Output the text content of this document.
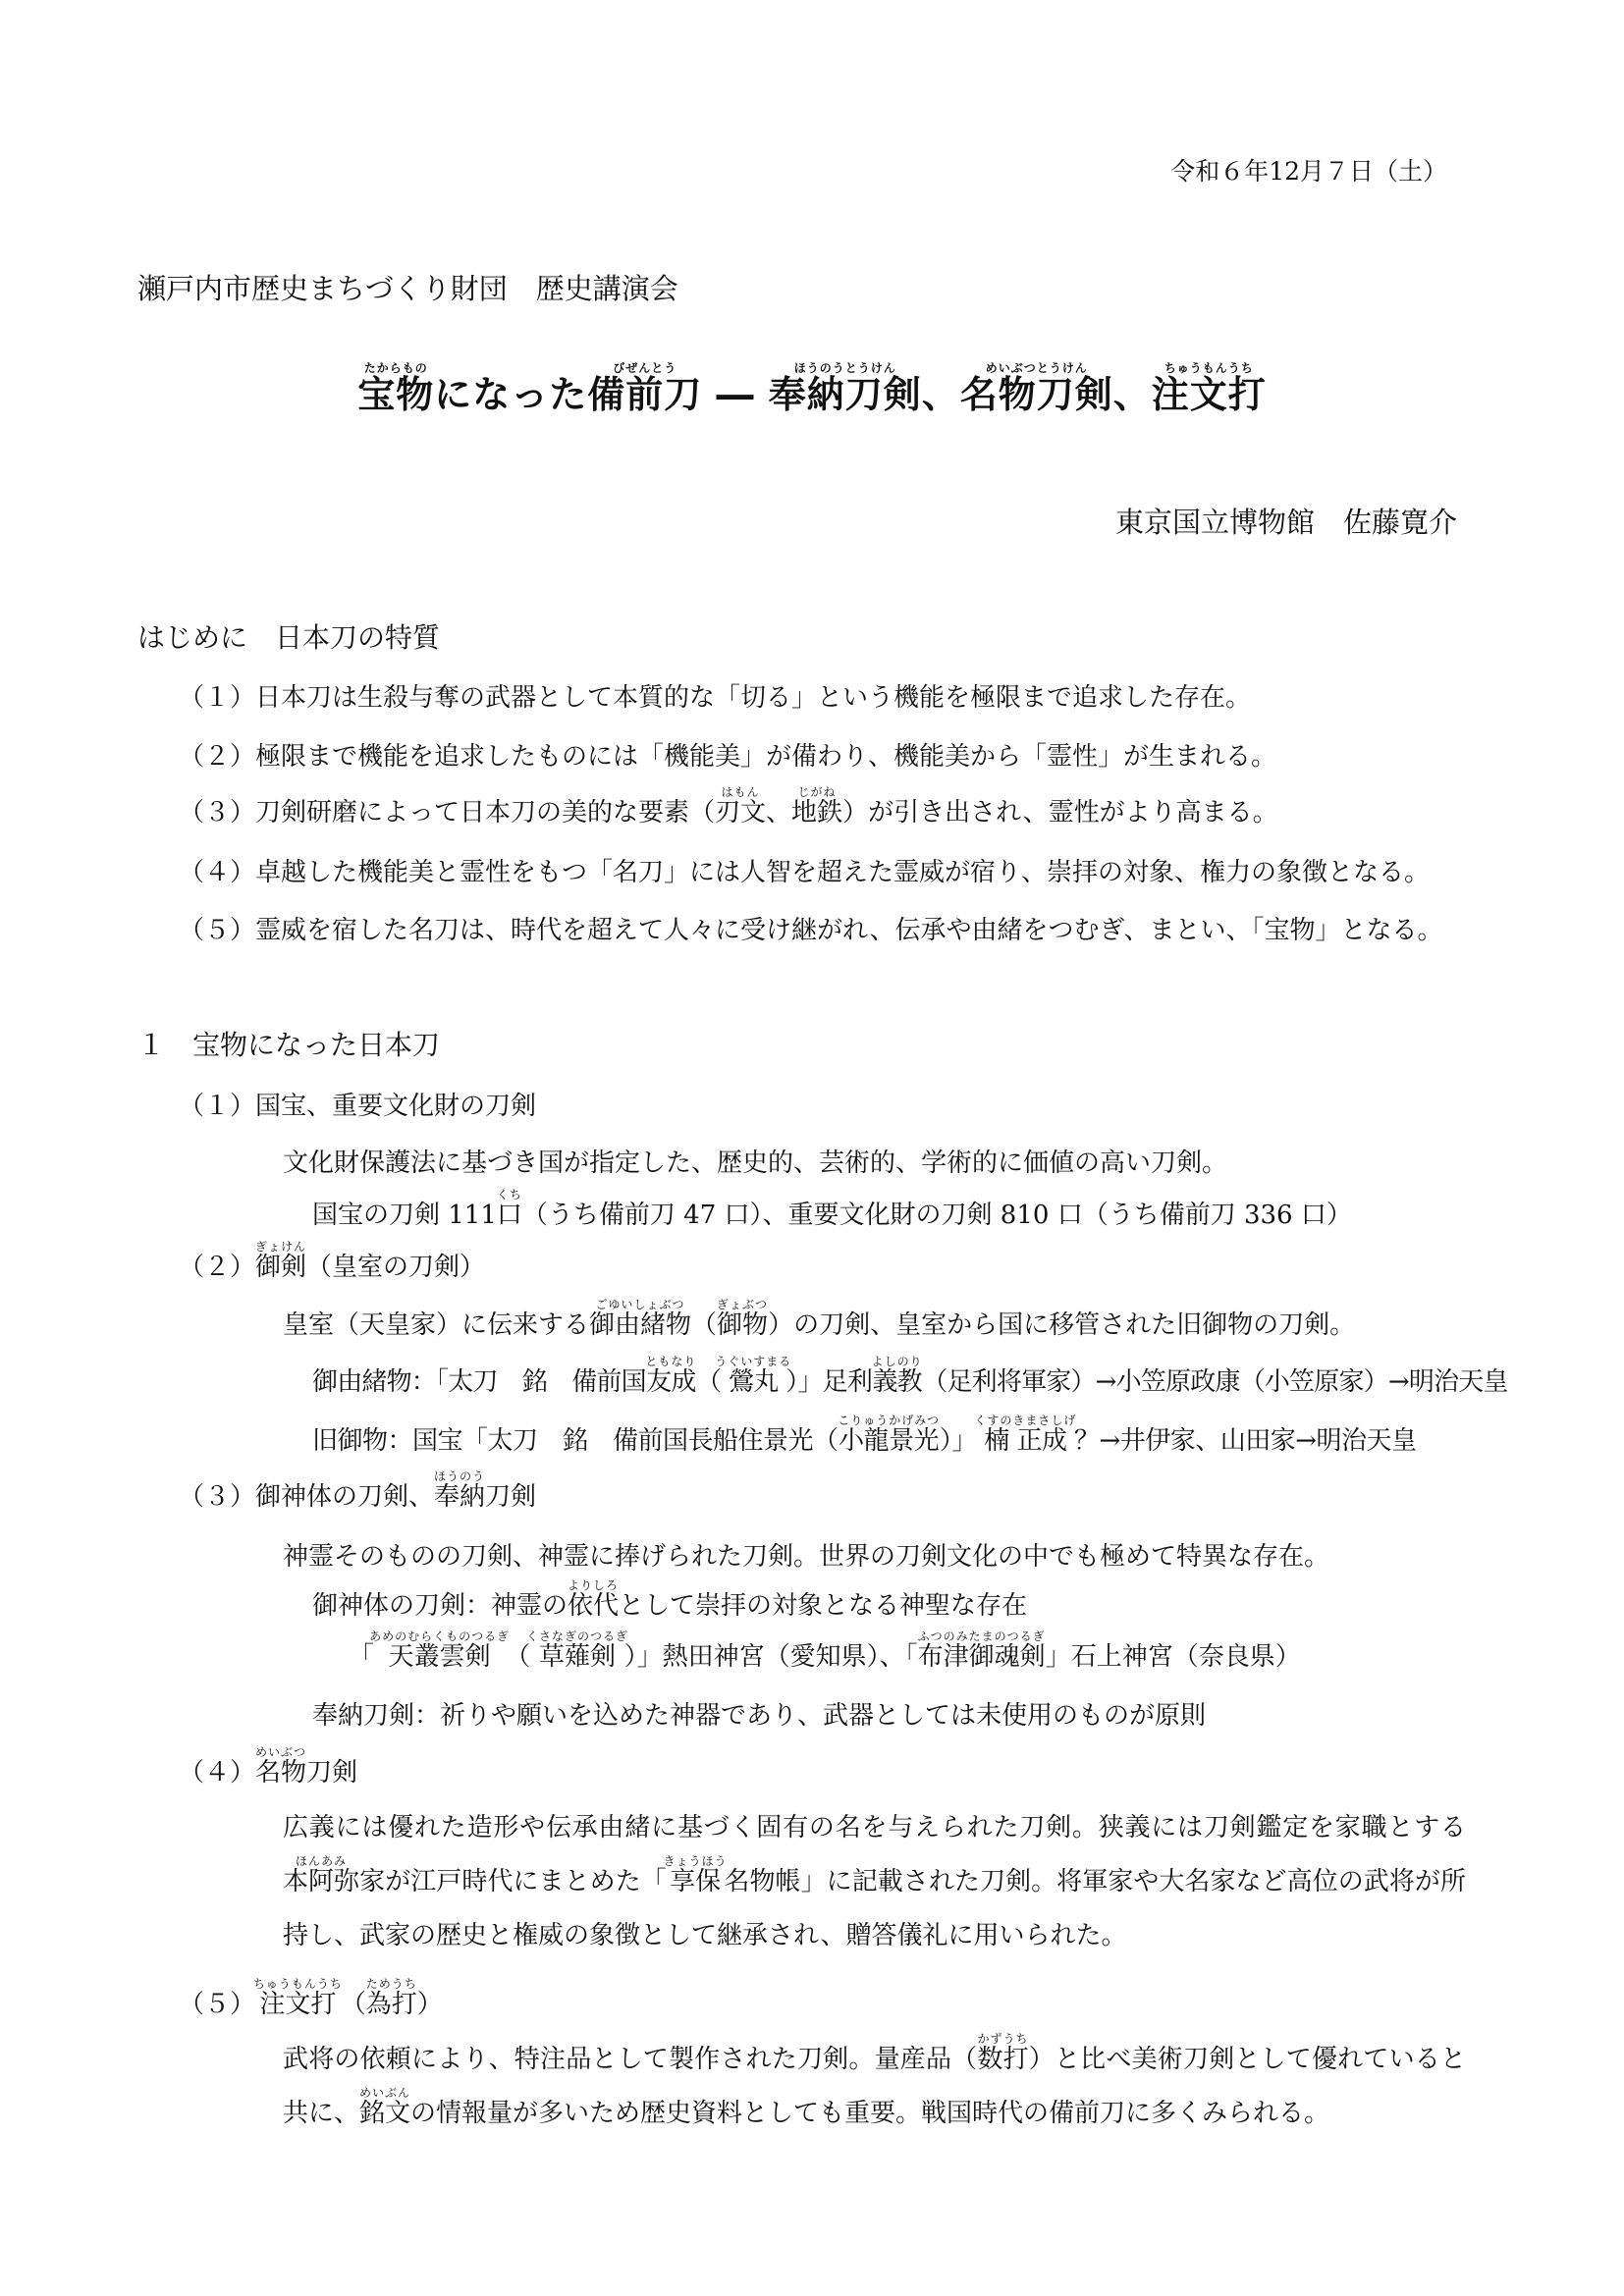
令和６年12月７日（土）
瀬戸内市歴史まちづくり財団　歴史講演会
宝物たからものになった備前刀びぜんとう ― 奉納刀剣ほうのうとうけん、名物刀剣めいぶつとうけん、注文打ちゅうもんうち
東京国立博物館　佐藤寛介
はじめに　日本刀の特質
（１）日本刀は生殺与奪の武器として本質的な「切る」という機能を極限まで追求した存在。
（２）極限まで機能を追求したものには「機能美」が備わり、機能美から「霊性」が生まれる。
（３）刀剣研磨によって日本刀の美的な要素（刃文はもん、地鉄じがね）が引き出され、霊性がより高まる。
（４）卓越した機能美と霊性をもつ「名刀」には人智を超えた霊威が宿り、崇拝の対象、権力の象徴となる。
（５）霊威を宿した名刀は、時代を超えて人々に受け継がれ、伝承や由緒をつむぎ、まとい、「宝物」となる。
１　宝物になった日本刀
（１）国宝、重要文化財の刀剣
文化財保護法に基づき国が指定した、歴史的、芸術的、学術的に価値の高い刀剣。
国宝の刀剣 111口くち（うち備前刀 47 口）、重要文化財の刀剣 810 口（うち備前刀 336 口）
（２）御剣ぎょけん（皇室の刀剣）
皇室（天皇家）に伝来する御由緒物ごゆいしょぶつ（御物ぎょぶつ）の刀剣、皇室から国に移管された旧御物の刀剣。
御由緒物：「太刀　銘　備前国友成ともなり（鶯丸うぐいすまる）」足利義教よしのり（足利将軍家）→小笠原政康（小笠原家）→明治天皇
旧御物：国宝「太刀　銘　備前国長船住景光（小龍景光こりゅうかげみつ）」楠 正成くすのきまさしげ？→井伊家、山田家→明治天皇
（３）御神体の刀剣、奉納ほうのう刀剣
神霊そのものの刀剣、神霊に捧げられた刀剣。世界の刀剣文化の中でも極めて特異な存在。
御神体の刀剣：神霊の依代よりしろとして崇拝の対象となる神聖な存在
「天叢雲剣あめのむらくものつるぎ（草薙剣くさなぎのつるぎ）」熱田神宮（愛知県）、「布津御魂剣ふつのみたまのつるぎ」石上神宮（奈良県）
奉納刀剣：祈りや願いを込めた神器であり、武器としては未使用のものが原則
（４）名物めいぶつ刀剣
広義には優れた造形や伝承由緒に基づく固有の名を与えられた刀剣。狭義には刀剣鑑定を家職とする本阿弥ほんあみ家が江戸時代にまとめた「享保きょうほう名物帳」に記載された刀剣。将軍家や大名家など高位の武将が所持し、武家の歴史と権威の象徴として継承され、贈答儀礼に用いられた。
（５）注文打ちゅうもんうち（為打ためうち）
武将の依頼により、特注品として製作された刀剣。量産品（数打かずうち）と比べ美術刀剣として優れていると共に、銘文めいぶんの情報量が多いため歴史資料としても重要。戦国時代の備前刀に多くみられる。
